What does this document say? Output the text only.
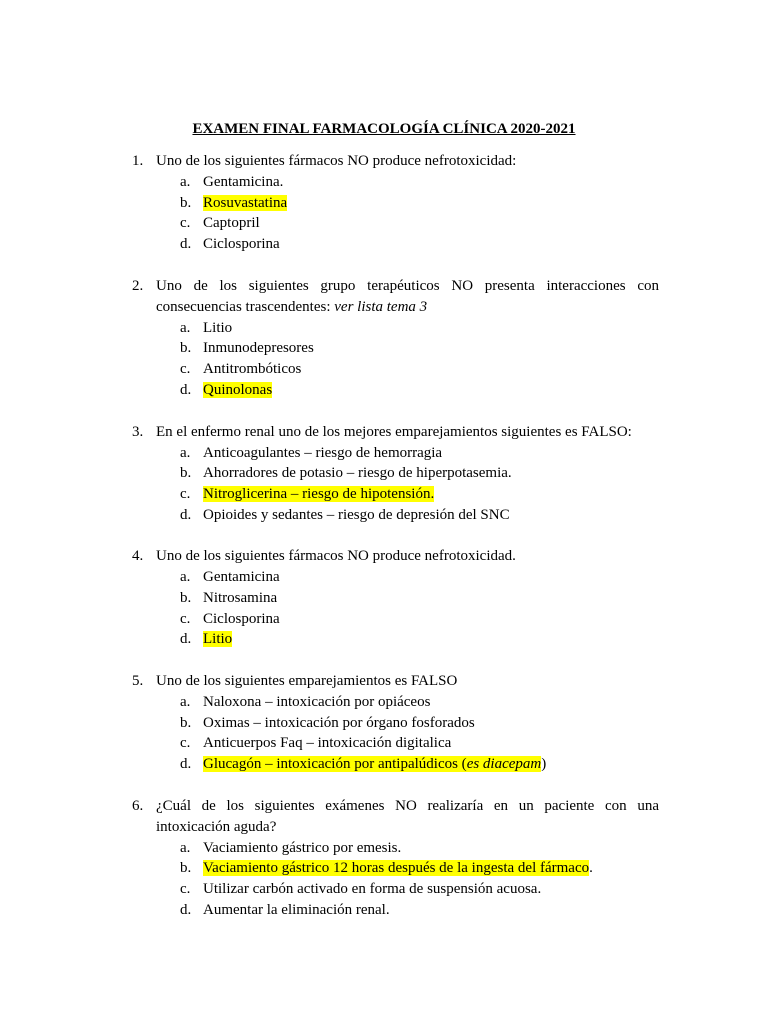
EXAMEN FINAL FARMACOLOGÍA CLÍNICA 2020-2021
1. Uno de los siguientes fármacos NO produce nefrotoxicidad:
a. Gentamicina.
b. Rosuvastatina
c. Captopril
d. Ciclosporina
2. Uno de los siguientes grupo terapéuticos NO presenta interacciones con consecuencias trascendentes: ver lista tema 3
a. Litio
b. Inmunodepresores
c. Antitrombóticos
d. Quinolonas
3. En el enfermo renal uno de los mejores emparejamientos siguientes es FALSO:
a. Anticoagulantes – riesgo de hemorragia
b. Ahorradores de potasio – riesgo de hiperpotasemia.
c. Nitroglicerina – riesgo de hipotensión.
d. Opioides y sedantes – riesgo de depresión del SNC
4. Uno de los siguientes fármacos NO produce nefrotoxicidad.
a. Gentamicina
b. Nitrosamina
c. Ciclosporina
d. Litio
5. Uno de los siguientes emparejamientos es FALSO
a. Naloxona – intoxicación por opiáceos
b. Oximas – intoxicación por órgano fosforados
c. Anticuerpos Faq – intoxicación digitalica
d. Glucagón – intoxicación por antipalúdicos (es diacepam)
6. ¿Cuál de los siguientes exámenes NO realizaría en un paciente con una intoxicación aguda?
a. Vaciamiento gástrico por emesis.
b. Vaciamiento gástrico 12 horas después de la ingesta del fármaco.
c. Utilizar carbón activado en forma de suspensión acuosa.
d. Aumentar la eliminación renal.
